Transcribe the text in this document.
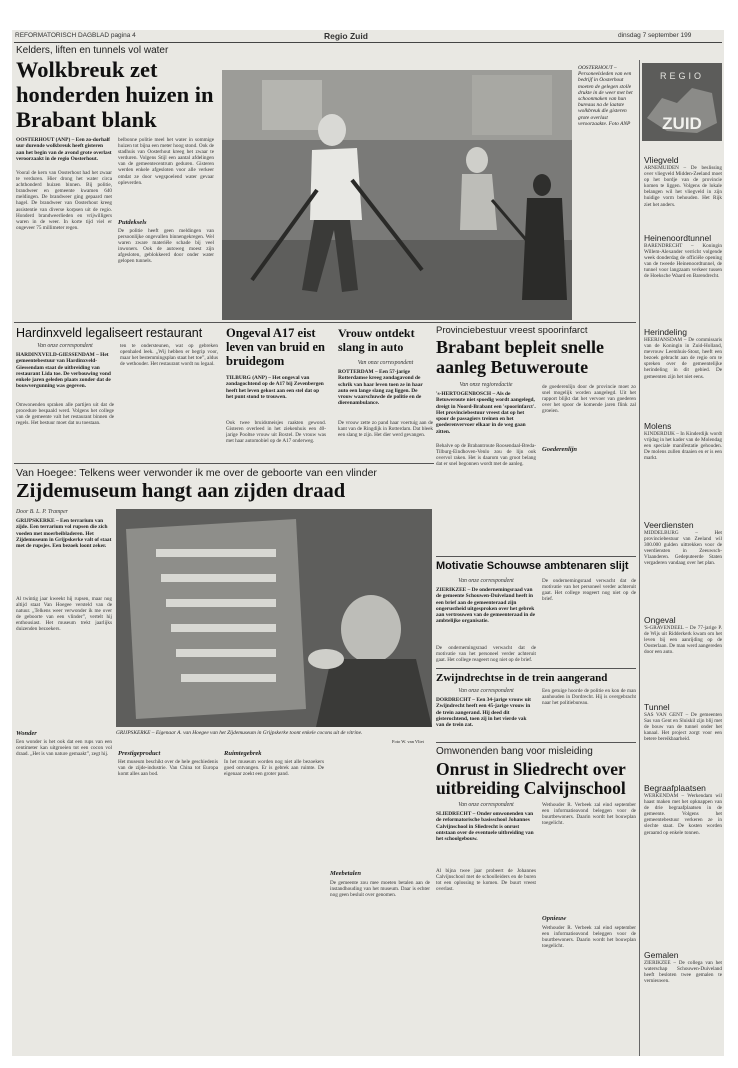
REFORMATORISCH DAGBLAD pagina 4	Regio Zuid	dinsdag 7 september 199
Kelders, liften en tunnels vol water
Wolkbreuk zet honderden huizen in Brabant blank
OOSTERHOUT (ANP) – Een zo-dorhalf uur durende wolkbreuk heeft gisteren aan het begin van de avond grote overlast veroorzaakt in de regio Oosterhout.
Vooral de kern van Oosterhout had het zwaar te verduren. Hier drong het water circa achthonderd huizen binnen. Bij politie, brandweer en gemeente kwamen 640 meldingen. De brandweer ging gepaard met hagel. De brandweer van Oosterhout kreeg assistentie van diverse korpsen uit de regio. Honderd brandweerlieden en vrijwilligers waren in de weer. In korte tijd viel er ongeveer 75 millimeter regen.
belbonne politie meel het water in sommige huizen tot bijna een meter hoog stond. Ook de stadhuis van Oosterhout kreeg het zwaar te verduren. Volgens Stijl een aantal afdelingen van de gemeentecentrum geduren. Gisteren werden enkele afgesloten voor alle verkeer omdat ze door wegspoelend water gevaar opleverden.
Putdeksels
De politie heeft geen meldingen van persoonlijke ongevallen binnengekregen. Wel waren zware materiële schade bij veel inwoners. Ook de autoweg moest zijn afgesloten, geblokkeerd door onder water gelopen tunnels.
OOSTERHOUT – Personeelsleden van een bedrijf in Oosterhout moeten de gelegen stolle drukte in de weer met het schoonmaken van hun bureaus na de laatste wolkbreuk die gisteren grote overlast veroorzaakte. Foto ANP
REGIO
ZUID
Vliegveld
ARNEMUIDEN – De beslissing over vliegveld Midden-Zeeland moet op het bordje van de provincie komen te liggen. Volgens de lokale belangen wil het vliegveld in zijn huidige vorm behouden. Het Rijk ziet het anders.
Heinenoordtunnel
BARENDRECHT – Koningin Willem-Alexander verricht volgende week donderdag de officiële opening van de tweede Heinenoordtunnel, de tunnel voor langzaam verkeer tussen de Hoeksche Waard en Barendrecht.
Herindeling
HEERJANSDAM – De commissaris van de Koningin in Zuid-Holland, mevrouw Leemhuis-Stout, heeft een bezoek gebracht aan de regio om te spreken over de gemeentelijke herindeling in dit gebied. De gemeenten zijn het niet eens.
Molens
KINDERDIJK – In Kinderdijk wordt vrijdag in het kader van de Molendag een speciale manifestatie gehouden. De molens zullen draaien en er is een markt.
Veerdiensten
MIDDELBURG – Het provinciebestuur van Zeeland wil 300.000 gulden uittrekken voor de veerdiensten in Zeeuwsch-Vlaanderen. Gedeputeerde Staten vergaderen vandaag over het plan.
Ongeval
'S-GRAVENDEEL – De 77-jarige P. de Wijs uit Ridderkerk kwam om het leven bij een aanrijding op de Oosterlaan. De man werd aangereden door een auto.
Tunnel
SAS VAN GENT – De gemeenten Sas van Gent en Sluiskil zijn blij met de bouw van de tunnel onder het kanaal. Het project zorgt voor een betere bereikbaarheid.
Begraafplaatsen
WERKENDAM – Werkendam wil haast maken met het opknappen van de drie begraafplaatsen in de gemeente. Volgens het gemeentebestuur verkeren ze in slechte staat. De kosten worden geraamd op enkele tonnen.
Gemalen
ZIERIKZEE – De collega van het waterschap Schouwen-Duiveland heeft besloten twee gemalen te vernieuwen.
Hardinxveld legaliseert restaurant
Van onze correspondent
HARDINXVELD-GIESSENDAM – Het gemeentebestuur van Hardinxveld-Giessendam staat de uitbreiding van restaurant Lida toe. De verbouwing vond enkele jaren geleden plaats zonder dat de bouwvergunning was gegeven.
Omwonenden spraken alle partijen uit dat de procedure bespaald werd. Volgens het college van de gemeente valt het restaurant binnen de regels. Het bestuur moet dat nu toestaan.
ten te ondersteunen, wat op gebreken openhaled leek. „Wij hebben er begrip voor, maar het bestemmingsplan staat het toe”, aldus de wethouder. Het restaurant wordt nu legaal.
Ongeval A17 eist leven van bruid en bruidegom
TILBURG (ANP) – Het ongeval van zondagochtend op de A17 bij Zevenbergen heeft het leven gekost aan een stel dat op het punt stond te trouwen.
Ook twee bruidsmeisjes raakten gewond. Gisteren overleed in het ziekenhuis een 40-jarige Pooltse vrouw uit Boxtel. De vrouw was met haar automobiel op de A17 onderweg.
Vrouw ontdekt slang in auto
Van onze correspondent
ROTTERDAM – Een 57-jarige Rotterdamse kreeg zondagavond de schrik van haar leven toen ze in haar auto een lange slang zag liggen. De vrouw waarschuwde de politie en de dierenambulance.
De vrouw zette zo pand haar voertuig aan de kant van de Ringdijk in Rotterdam. Dat bleek een slang te zijn. Het dier werd gevangen.
Provinciebestuur vreest spoorinfarct
Brabant bepleit snelle aanleg Betuweroute
Van onze regioredactie
's-HERTOGENBOSCH – Als de Betuweroute niet spoedig wordt aangelegd, dreigt in Noord-Brabant een 'spoorinfarct'. Het provinciebestuur vreest dat op het spoor de passagiers treinen en het goederenvervoer elkaar in de weg gaan zitten.
Behalve op de Brabantroute Roosendaal-Breda-Tilburg-Eindhoven-Venlo zou de lijn ook overvol raken. Het is daarom van groot belang dat er snel begonnen wordt met de aanleg.
Goederenlijn
de goederenlijn door de provincie moet zo snel mogelijk worden aangelegd. Uit het rapport blijkt dat het vervoer van goederen over het spoor de komende jaren flink zal groeien.
Van Hoegee: Telkens weer verwonder ik me over de geboorte van een vlinder
Zijdemuseum hangt aan zijden draad
Door B. L. P. Tramper
GRIJPSKERKE – Een terrarium van zijde. Een terrarium vol rupsen die zich voeden met moerbeibladeren. Het Zijdemuseum in Grijpskerke valt of staat met de rupsjes. Een bezoek loont zeker.
Al twintig jaar kweekt hij rupsen, maar nog altijd staat Van Hoegee versteld van de natuur. „Telkens weer verwonder ik me over de geboorte van een vlinder”, vertelt hij enthousiast. Het museum trekt jaarlijks duizenden bezoekers.
Wonder
Een wonder is het ook dat een rups van een centimeter kan uitgroeien tot een cocon vol draad. „Het is van nature gemaakt”, zegt hij.
GRIJPSKERKE – Eigenaar A. van Hoegee van het Zijdemuseum in Grijpskerke toont enkele cocons uit de vitrine.
Foto W. van Vliet
Prestigeproduct
Het museum beschikt over de hele geschiedenis van de zijde-industrie. Van China tot Europa komt alles aan bod.
Ruimtegebrek
In het museum worden nog niet alle bezoekers goed ontvangen. Er is gebrek aan ruimte. De eigenaar zoekt een groter pand.
Meebetalen
De gemeente zou mee moeten betalen aan de instandhouding van het museum. Daar is echter nog geen besluit over genomen.
Motivatie Schouwse ambtenaren slijt
Van onze correspondent
ZIERIKZEE – De ondernemingsraad van de gemeente Schouwen-Duiveland heeft in een brief aan de gemeenteraad zijn ongerustheid uitgesproken over het gebrek aan vertrouwen van de gemeenteraad in de ambtelijke organisatie.
De ondernemingsraad verwacht dat de motivatie van het personeel verder achteruit gaat. Het college reageert nog niet op de brief.
De ondernemingsraad verwacht dat de motivatie van het personeel verder achteruit gaat. Het college reageert nog niet op de brief.
Zwijndrechtse in de trein aangerand
Van onze correspondent
DORDRECHT – Een 34-jarige vrouw uit Zwijndrecht heeft een 45-jarige vrouw in de trein aangerand. Hij deed dit gisterochtend, toen zij in het vierde vak van de trein zat.
Een getuige hoorde de politie en kon de man aanhouden in Dordrecht. Hij is overgebracht naar het politiebureau.
Omwonenden bang voor misleiding
Onrust in Sliedrecht over uitbreiding Calvijnschool
Van onze correspondent
SLIEDRECHT – Onder omwonenden van de reformatorische basisschool Johannes Calvijnschool in Sliedrecht is onrust ontstaan over de eventuele uitbreiding van het schoolgebouw.
Al bijna twee jaar probeert de Johannes Calvijnschool met de schoolleiders en de buren tot een oplossing te komen. De buurt vreest overlast.
Opnieuw
Wethouder R. Verbeek zal eind september een informatieavond beleggen voor de buurtbewoners. Daarin wordt het bouwplan toegelicht.
Wethouder R. Verbeek zal eind september een informatieavond beleggen voor de buurtbewoners. Daarin wordt het bouwplan toegelicht.
